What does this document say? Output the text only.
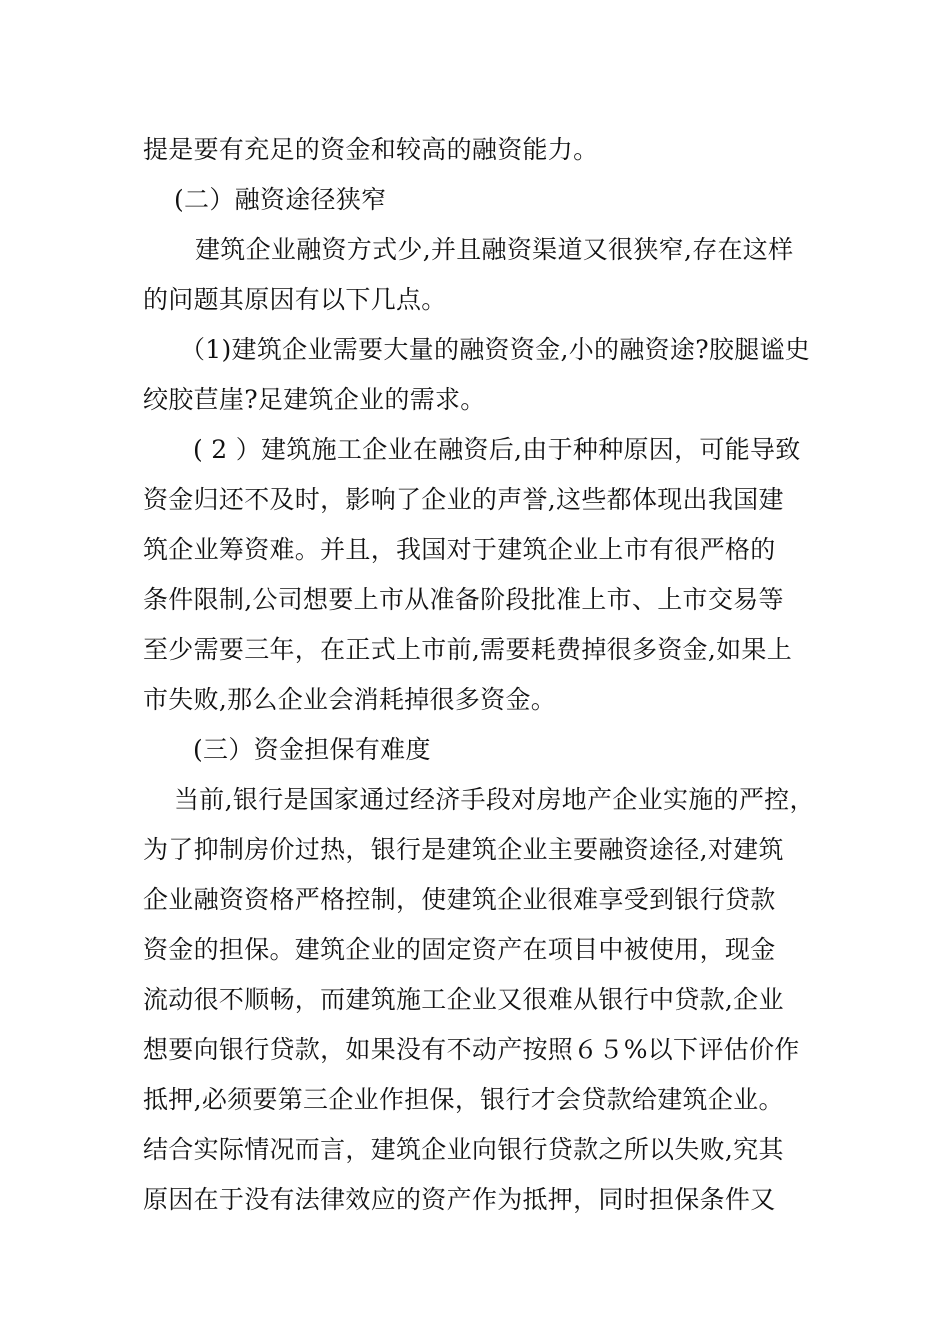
提是要有充足的资金和较高的融资能力。
(二）融资途径狭窄
建筑企业融资方式少,并且融资渠道又很狭窄,存在这样
的问题其原因有以下几点。
（1)建筑企业需要大量的融资资金,小的融资途?胶腿谧史
绞胶苣崖?足建筑企业的需求。
( 2 ）建筑施工企业在融资后,由于种种原因，可能导致
资金归还不及时，影响了企业的声誉,这些都体现出我国建
筑企业筹资难。并且，我国对于建筑企业上市有很严格的
条件限制,公司想要上市从准备阶段批准上市、上市交易等
至少需要三年，在正式上市前,需要耗费掉很多资金,如果上
市失败,那么企业会消耗掉很多资金。
(三）资金担保有难度
当前,银行是国家通过经济手段对房地产企业实施的严控，
为了抑制房价过热，银行是建筑企业主要融资途径,对建筑
企业融资资格严格控制，使建筑企业很难享受到银行贷款
资金的担保。建筑企业的固定资产在项目中被使用，现金
流动很不顺畅，而建筑施工企业又很难从银行中贷款,企业
想要向银行贷款，如果没有不动产按照６５%以下评估价作
抵押,必须要第三企业作担保，银行才会贷款给建筑企业。
结合实际情况而言，建筑企业向银行贷款之所以失败,究其
原因在于没有法律效应的资产作为抵押，同时担保条件又
